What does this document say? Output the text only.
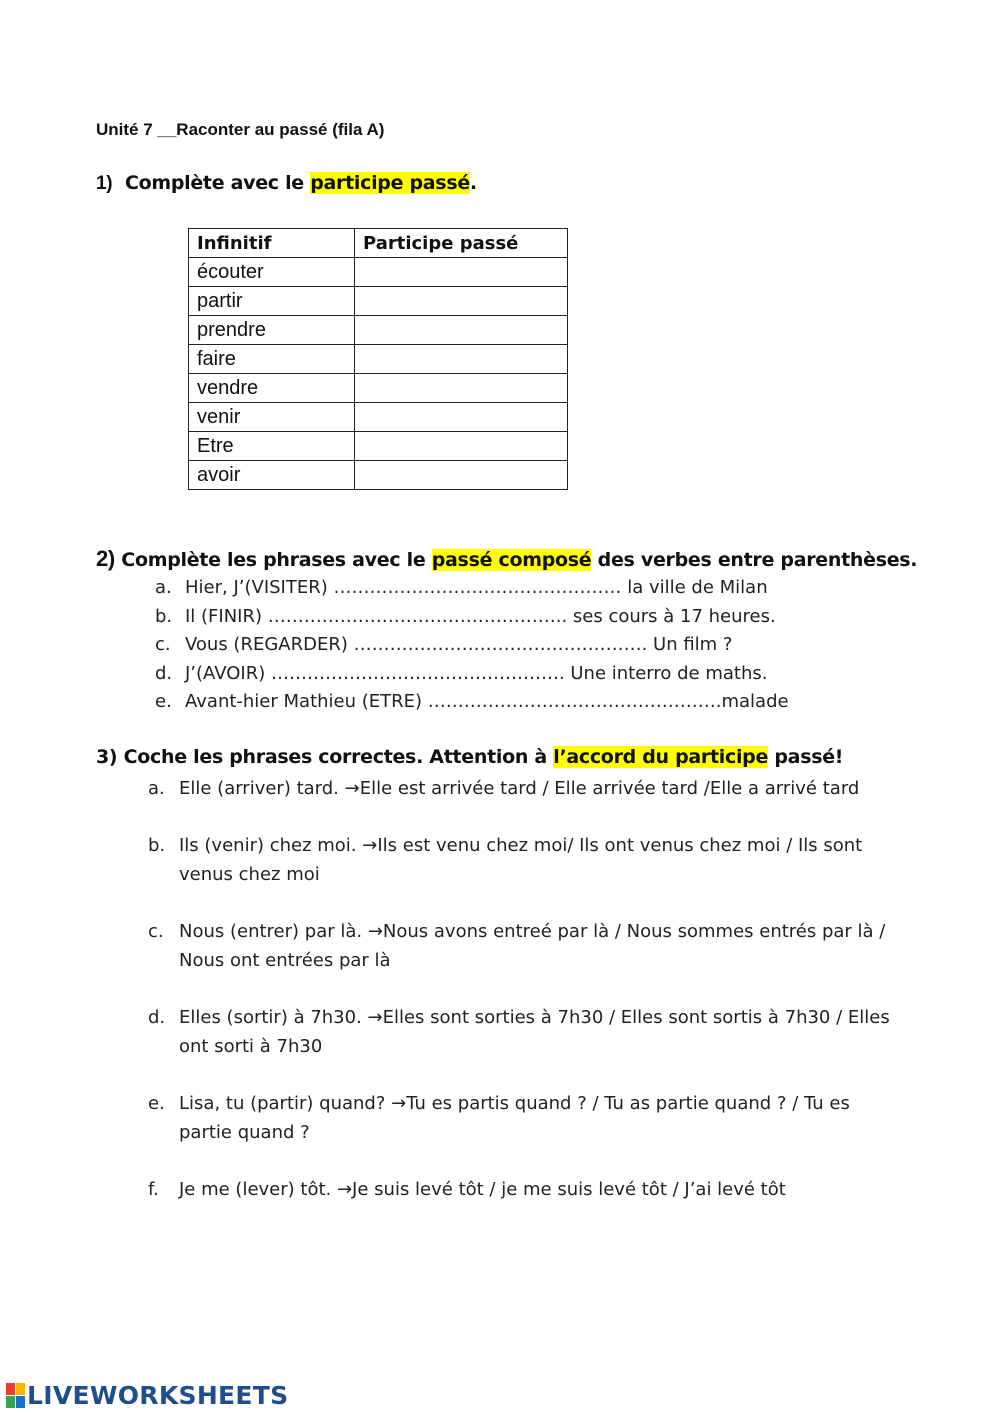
Unité 7 __Raconter au passé (fila A)
1) Complète avec le participe passé.
Infinitif	Participe passé
écouter	
partir	
prendre	
faire	
vendre	
venir	
Etre	
avoir	
2) Complète les phrases avec le passé composé des verbes entre parenthèses.
a. Hier, J’(VISITER) ………………………………………… la ville de Milan
b. Il (FINIR) ………………………………………….. ses cours à 17 heures.
c. Vous (REGARDER) …………………………………………. Un film ?
d. J’(AVOIR) …………………………………………. Une interro de maths.
e. Avant-hier Mathieu (ETRE) ………………………………………….malade
3) Coche les phrases correctes. Attention à l’accord du participe passé!
a. Elle (arriver) tard. →Elle est arrivée tard / Elle arrivée tard /Elle a arrivé tard
b. Ils (venir) chez moi. →Ils est venu chez moi/ Ils ont venus chez moi / Ils sont venus chez moi
c. Nous (entrer) par là. →Nous avons entreé par là / Nous sommes entrés par là / Nous ont entrées par là
d. Elles (sortir) à 7h30. →Elles sont sorties à 7h30 / Elles sont sortis à 7h30 / Elles ont sorti à 7h30
e. Lisa, tu (partir) quand? →Tu es partis quand ? / Tu as partie quand ? / Tu es partie quand ?
f. Je me (lever) tôt. →Je suis levé tôt / je me suis levé tôt / J’ai levé tôt
LIVEWORKSHEETS
